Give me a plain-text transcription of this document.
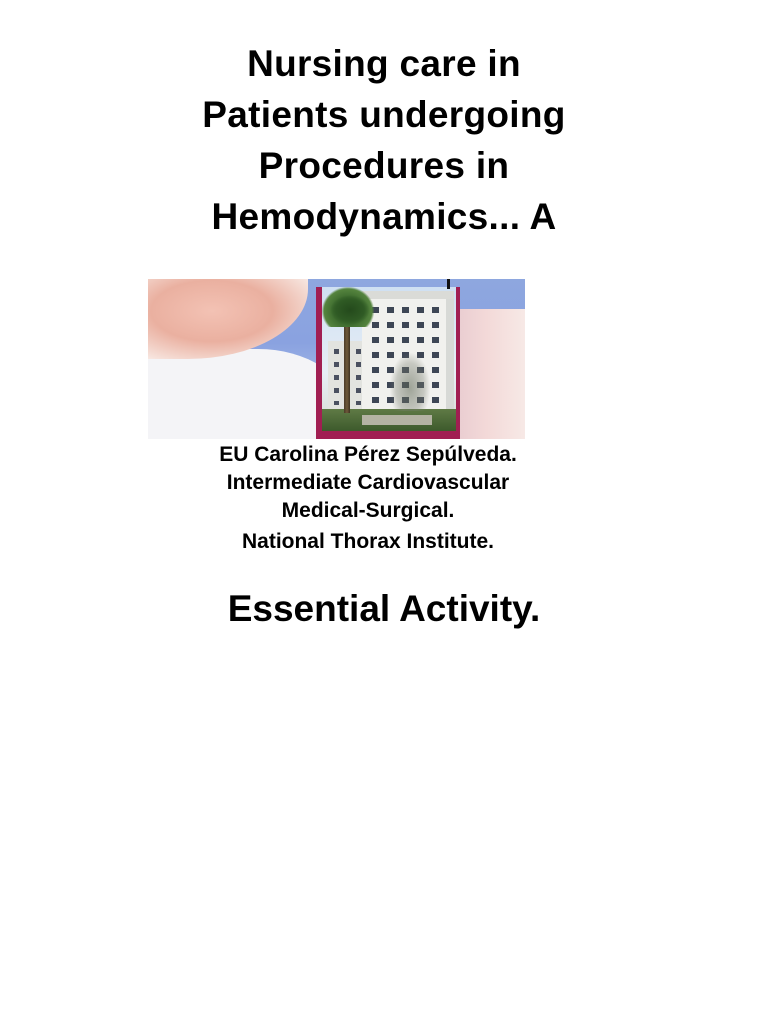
Nursing care in
Patients undergoing
Procedures in
Hemodynamics... A
EU Carolina Pérez Sepúlveda.
Intermediate Cardiovascular
Medical-Surgical.
National Thorax Institute.
Essential Activity.
